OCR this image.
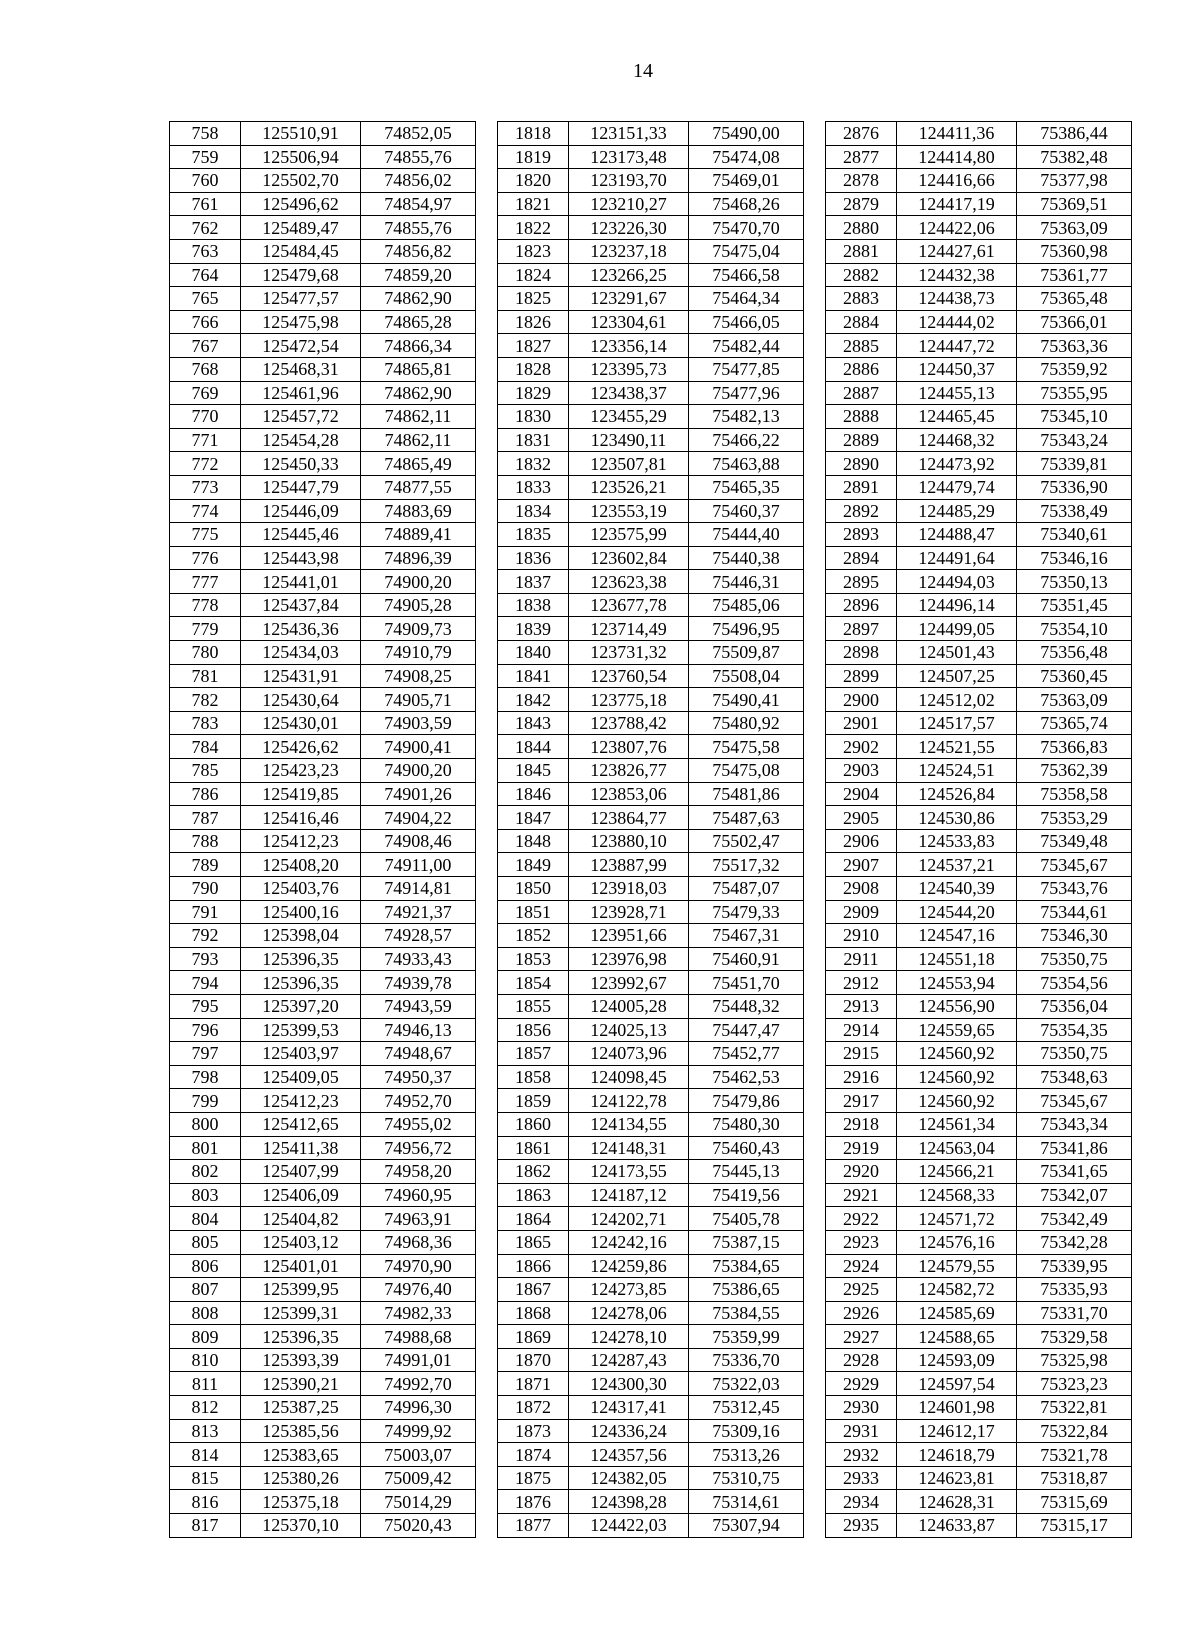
14
758	125510,91	74852,05		1818	123151,33	75490,00		2876	124411,36	75386,44
759	125506,94	74855,76		1819	123173,48	75474,08		2877	124414,80	75382,48
760	125502,70	74856,02		1820	123193,70	75469,01		2878	124416,66	75377,98
761	125496,62	74854,97		1821	123210,27	75468,26		2879	124417,19	75369,51
762	125489,47	74855,76		1822	123226,30	75470,70		2880	124422,06	75363,09
763	125484,45	74856,82		1823	123237,18	75475,04		2881	124427,61	75360,98
764	125479,68	74859,20		1824	123266,25	75466,58		2882	124432,38	75361,77
765	125477,57	74862,90		1825	123291,67	75464,34		2883	124438,73	75365,48
766	125475,98	74865,28		1826	123304,61	75466,05		2884	124444,02	75366,01
767	125472,54	74866,34		1827	123356,14	75482,44		2885	124447,72	75363,36
768	125468,31	74865,81		1828	123395,73	75477,85		2886	124450,37	75359,92
769	125461,96	74862,90		1829	123438,37	75477,96		2887	124455,13	75355,95
770	125457,72	74862,11		1830	123455,29	75482,13		2888	124465,45	75345,10
771	125454,28	74862,11		1831	123490,11	75466,22		2889	124468,32	75343,24
772	125450,33	74865,49		1832	123507,81	75463,88		2890	124473,92	75339,81
773	125447,79	74877,55		1833	123526,21	75465,35		2891	124479,74	75336,90
774	125446,09	74883,69		1834	123553,19	75460,37		2892	124485,29	75338,49
775	125445,46	74889,41		1835	123575,99	75444,40		2893	124488,47	75340,61
776	125443,98	74896,39		1836	123602,84	75440,38		2894	124491,64	75346,16
777	125441,01	74900,20		1837	123623,38	75446,31		2895	124494,03	75350,13
778	125437,84	74905,28		1838	123677,78	75485,06		2896	124496,14	75351,45
779	125436,36	74909,73		1839	123714,49	75496,95		2897	124499,05	75354,10
780	125434,03	74910,79		1840	123731,32	75509,87		2898	124501,43	75356,48
781	125431,91	74908,25		1841	123760,54	75508,04		2899	124507,25	75360,45
782	125430,64	74905,71		1842	123775,18	75490,41		2900	124512,02	75363,09
783	125430,01	74903,59		1843	123788,42	75480,92		2901	124517,57	75365,74
784	125426,62	74900,41		1844	123807,76	75475,58		2902	124521,55	75366,83
785	125423,23	74900,20		1845	123826,77	75475,08		2903	124524,51	75362,39
786	125419,85	74901,26		1846	123853,06	75481,86		2904	124526,84	75358,58
787	125416,46	74904,22		1847	123864,77	75487,63		2905	124530,86	75353,29
788	125412,23	74908,46		1848	123880,10	75502,47		2906	124533,83	75349,48
789	125408,20	74911,00		1849	123887,99	75517,32		2907	124537,21	75345,67
790	125403,76	74914,81		1850	123918,03	75487,07		2908	124540,39	75343,76
791	125400,16	74921,37		1851	123928,71	75479,33		2909	124544,20	75344,61
792	125398,04	74928,57		1852	123951,66	75467,31		2910	124547,16	75346,30
793	125396,35	74933,43		1853	123976,98	75460,91		2911	124551,18	75350,75
794	125396,35	74939,78		1854	123992,67	75451,70		2912	124553,94	75354,56
795	125397,20	74943,59		1855	124005,28	75448,32		2913	124556,90	75356,04
796	125399,53	74946,13		1856	124025,13	75447,47		2914	124559,65	75354,35
797	125403,97	74948,67		1857	124073,96	75452,77		2915	124560,92	75350,75
798	125409,05	74950,37		1858	124098,45	75462,53		2916	124560,92	75348,63
799	125412,23	74952,70		1859	124122,78	75479,86		2917	124560,92	75345,67
800	125412,65	74955,02		1860	124134,55	75480,30		2918	124561,34	75343,34
801	125411,38	74956,72		1861	124148,31	75460,43		2919	124563,04	75341,86
802	125407,99	74958,20		1862	124173,55	75445,13		2920	124566,21	75341,65
803	125406,09	74960,95		1863	124187,12	75419,56		2921	124568,33	75342,07
804	125404,82	74963,91		1864	124202,71	75405,78		2922	124571,72	75342,49
805	125403,12	74968,36		1865	124242,16	75387,15		2923	124576,16	75342,28
806	125401,01	74970,90		1866	124259,86	75384,65		2924	124579,55	75339,95
807	125399,95	74976,40		1867	124273,85	75386,65		2925	124582,72	75335,93
808	125399,31	74982,33		1868	124278,06	75384,55		2926	124585,69	75331,70
809	125396,35	74988,68		1869	124278,10	75359,99		2927	124588,65	75329,58
810	125393,39	74991,01		1870	124287,43	75336,70		2928	124593,09	75325,98
811	125390,21	74992,70		1871	124300,30	75322,03		2929	124597,54	75323,23
812	125387,25	74996,30		1872	124317,41	75312,45		2930	124601,98	75322,81
813	125385,56	74999,92		1873	124336,24	75309,16		2931	124612,17	75322,84
814	125383,65	75003,07		1874	124357,56	75313,26		2932	124618,79	75321,78
815	125380,26	75009,42		1875	124382,05	75310,75		2933	124623,81	75318,87
816	125375,18	75014,29		1876	124398,28	75314,61		2934	124628,31	75315,69
817	125370,10	75020,43		1877	124422,03	75307,94		2935	124633,87	75315,17
